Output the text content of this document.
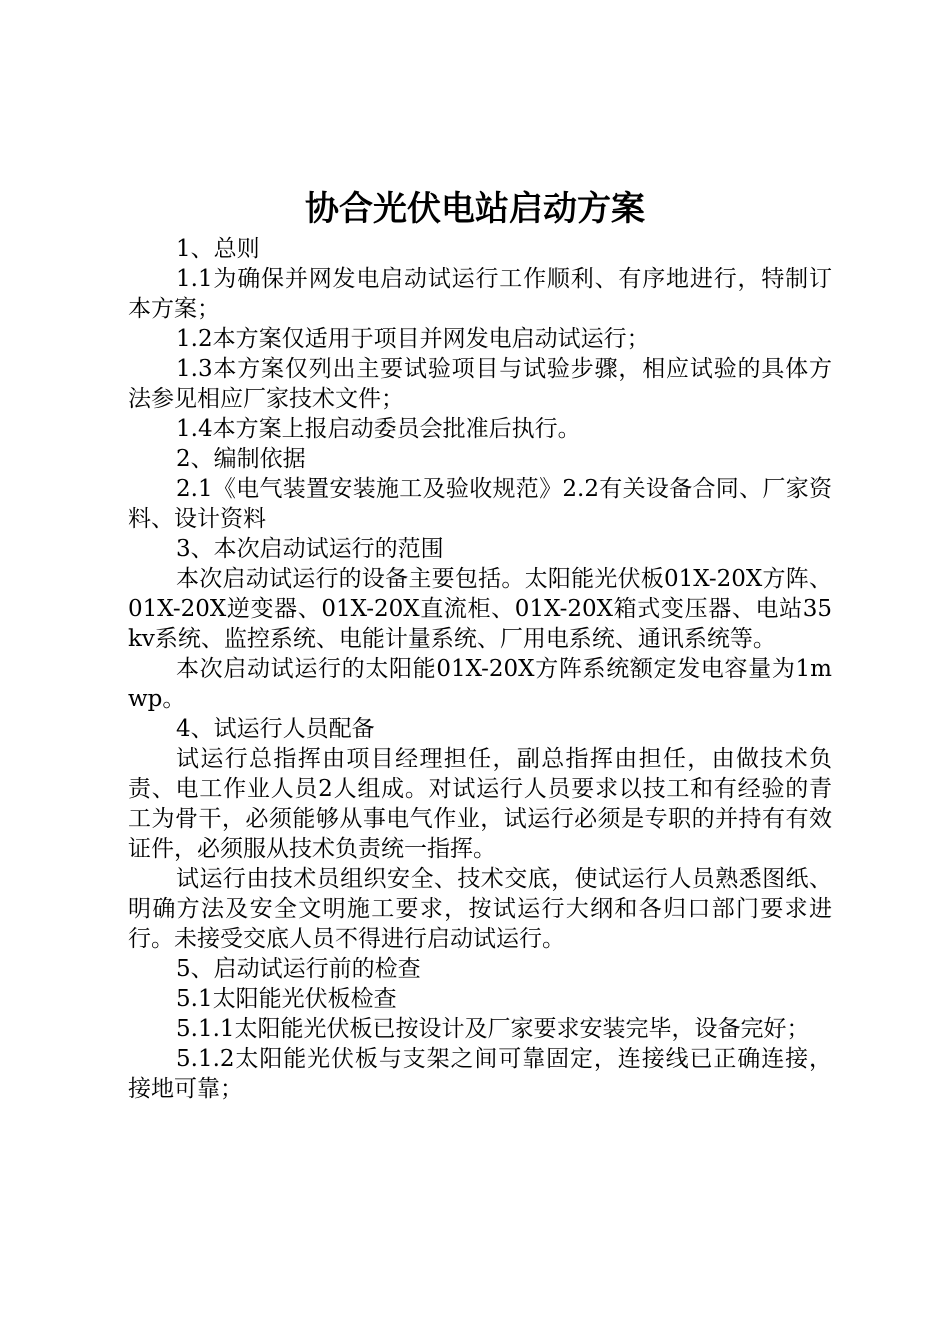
协合光伏电站启动方案

1、总则

1.1为确保并网发电启动试运行工作顺利、有序地进行，特制订本方案；

1.2本方案仅适用于项目并网发电启动试运行；

1.3本方案仅列出主要试验项目与试验步骤，相应试验的具体方法参见相应厂家技术文件；

1.4本方案上报启动委员会批准后执行。

2、编制依据

2.1《电气装置安装施工及验收规范》2.2有关设备合同、厂家资料、设计资料

3、本次启动试运行的范围

本次启动试运行的设备主要包括。太阳能光伏板01X-20X方阵、01X-20X逆变器、01X-20X直流柜、01X-20X箱式变压器、电站35kv系统、监控系统、电能计量系统、厂用电系统、通讯系统等。

本次启动试运行的太阳能01X-20X方阵系统额定发电容量为1mwp。

4、试运行人员配备

试运行总指挥由项目经理担任，副总指挥由担任，由做技术负责、电工作业人员2人组成。对试运行人员要求以技工和有经验的青工为骨干，必须能够从事电气作业，试运行必须是专职的并持有有效证件，必须服从技术负责统一指挥。

试运行由技术员组织安全、技术交底，使试运行人员熟悉图纸、明确方法及安全文明施工要求，按试运行大纲和各归口部门要求进行。未接受交底人员不得进行启动试运行。

5、启动试运行前的检查

5.1太阳能光伏板检查

5.1.1太阳能光伏板已按设计及厂家要求安装完毕，设备完好；

5.1.2太阳能光伏板与支架之间可靠固定，连接线已正确连接，接地可靠；
